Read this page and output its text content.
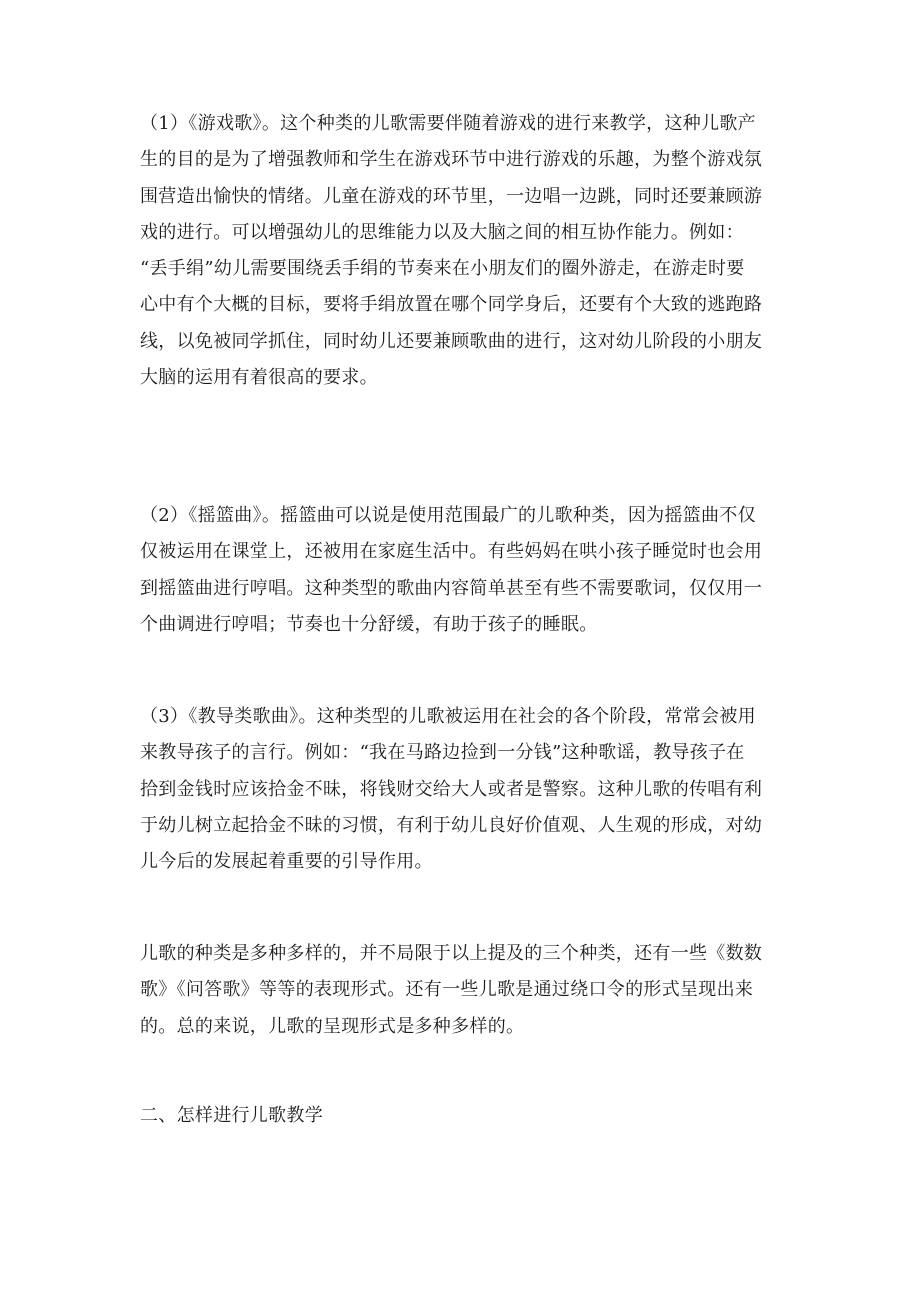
（1）《游戏歌》。这个种类的儿歌需要伴随着游戏的进行来教学，这种儿歌产
生的目的是为了增强教师和学生在游戏环节中进行游戏的乐趣，为整个游戏氛
围营造出愉快的情绪。儿童在游戏的环节里，一边唱一边跳，同时还要兼顾游
戏的进行。可以增强幼儿的思维能力以及大脑之间的相互协作能力。例如：
“丢手绢”幼儿需要围绕丢手绢的节奏来在小朋友们的圈外游走，在游走时要
心中有个大概的目标，要将手绢放置在哪个同学身后，还要有个大致的逃跑路
线，以免被同学抓住，同时幼儿还要兼顾歌曲的进行，这对幼儿阶段的小朋友
大脑的运用有着很高的要求。
（2）《摇篮曲》。摇篮曲可以说是使用范围最广的儿歌种类，因为摇篮曲不仅
仅被运用在课堂上，还被用在家庭生活中。有些妈妈在哄小孩子睡觉时也会用
到摇篮曲进行哼唱。这种类型的歌曲内容简单甚至有些不需要歌词，仅仅用一
个曲调进行哼唱；节奏也十分舒缓，有助于孩子的睡眠。
（3）《教导类歌曲》。这种类型的儿歌被运用在社会的各个阶段，常常会被用
来教导孩子的言行。例如：“我在马路边捡到一分钱”这种歌谣，教导孩子在
拾到金钱时应该拾金不昧，将钱财交给大人或者是警察。这种儿歌的传唱有利
于幼儿树立起拾金不昧的习惯，有利于幼儿良好价值观、人生观的形成，对幼
儿今后的发展起着重要的引导作用。
儿歌的种类是多种多样的，并不局限于以上提及的三个种类，还有一些《数数
歌》《问答歌》等等的表现形式。还有一些儿歌是通过绕口令的形式呈现出来
的。总的来说，儿歌的呈现形式是多种多样的。
二、怎样进行儿歌教学
